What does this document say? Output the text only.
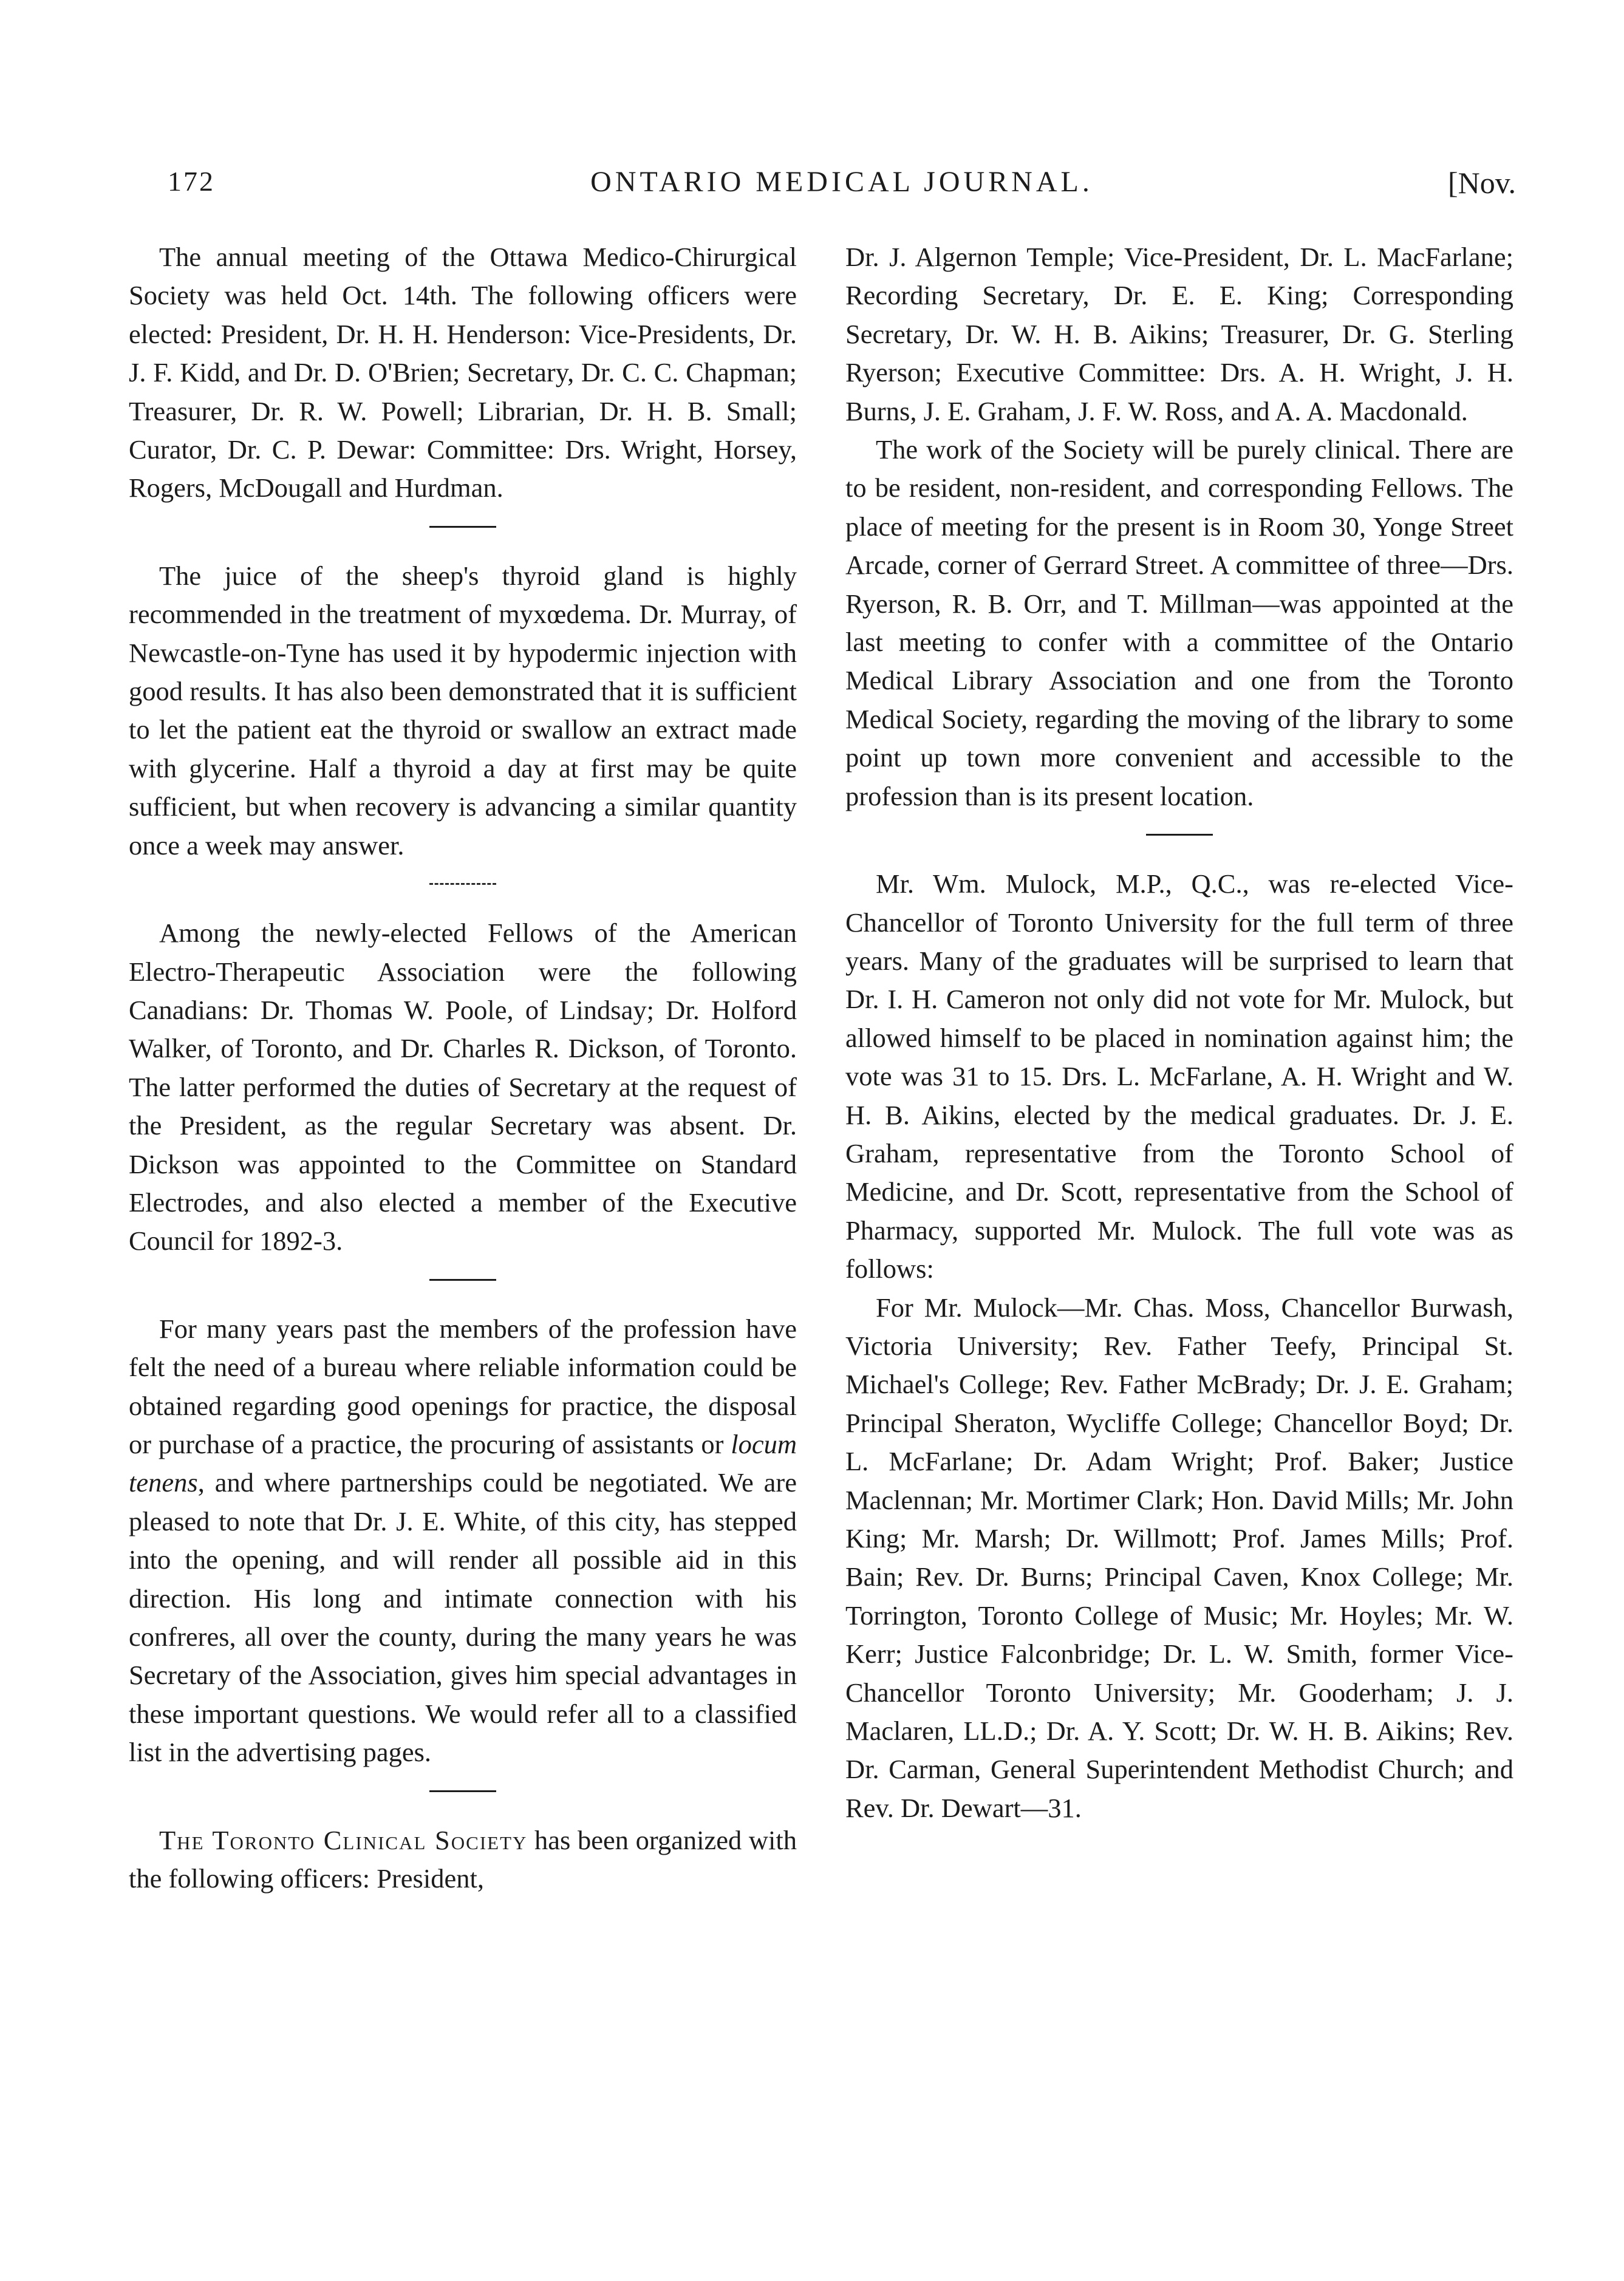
172	ONTARIO MEDICAL JOURNAL.	[Nov.

The annual meeting of the Ottawa Medico-Chirurgical Society was held Oct. 14th. The following officers were elected: President, Dr. H. H. Henderson: Vice-Presidents, Dr. J. F. Kidd, and Dr. D. O'Brien; Secretary, Dr. C. C. Chapman; Treasurer, Dr. R. W. Powell; Librarian, Dr. H. B. Small; Curator, Dr. C. P. Dewar: Committee: Drs. Wright, Horsey, Rogers, McDougall and Hurdman.

The juice of the sheep's thyroid gland is highly recommended in the treatment of myxœdema. Dr. Murray, of Newcastle-on-Tyne has used it by hypodermic injection with good results. It has also been demonstrated that it is sufficient to let the patient eat the thyroid or swallow an extract made with glycerine. Half a thyroid a day at first may be quite sufficient, but when recovery is advancing a similar quantity once a week may answer.

Among the newly-elected Fellows of the American Electro-Therapeutic Association were the following Canadians: Dr. Thomas W. Poole, of Lindsay; Dr. Holford Walker, of Toronto, and Dr. Charles R. Dickson, of Toronto. The latter performed the duties of Secretary at the request of the President, as the regular Secretary was absent. Dr. Dickson was appointed to the Committee on Standard Electrodes, and also elected a member of the Executive Council for 1892-3.

For many years past the members of the profession have felt the need of a bureau where reliable information could be obtained regarding good openings for practice, the disposal or purchase of a practice, the procuring of assistants or locum tenens, and where partnerships could be negotiated. We are pleased to note that Dr. J. E. White, of this city, has stepped into the opening, and will render all possible aid in this direction. His long and intimate connection with his confreres, all over the county, during the many years he was Secretary of the Association, gives him special advantages in these important questions. We would refer all to a classified list in the advertising pages.

The Toronto Clinical Society has been organized with the following officers: President,

Dr. J. Algernon Temple; Vice-President, Dr. L. MacFarlane; Recording Secretary, Dr. E. E. King; Corresponding Secretary, Dr. W. H. B. Aikins; Treasurer, Dr. G. Sterling Ryerson; Executive Committee: Drs. A. H. Wright, J. H. Burns, J. E. Graham, J. F. W. Ross, and A. A. Macdonald.

The work of the Society will be purely clinical. There are to be resident, non-resident, and corresponding Fellows. The place of meeting for the present is in Room 30, Yonge Street Arcade, corner of Gerrard Street. A committee of three—Drs. Ryerson, R. B. Orr, and T. Millman—was appointed at the last meeting to confer with a committee of the Ontario Medical Library Association and one from the Toronto Medical Society, regarding the moving of the library to some point up town more convenient and accessible to the profession than is its present location.

Mr. Wm. Mulock, M.P., Q.C., was re-elected Vice-Chancellor of Toronto University for the full term of three years. Many of the graduates will be surprised to learn that Dr. I. H. Cameron not only did not vote for Mr. Mulock, but allowed himself to be placed in nomination against him; the vote was 31 to 15. Drs. L. McFarlane, A. H. Wright and W. H. B. Aikins, elected by the medical graduates. Dr. J. E. Graham, representative from the Toronto School of Medicine, and Dr. Scott, representative from the School of Pharmacy, supported Mr. Mulock. The full vote was as follows:

For Mr. Mulock—Mr. Chas. Moss, Chancellor Burwash, Victoria University; Rev. Father Teefy, Principal St. Michael's College; Rev. Father McBrady; Dr. J. E. Graham; Principal Sheraton, Wycliffe College; Chancellor Boyd; Dr. L. McFarlane; Dr. Adam Wright; Prof. Baker; Justice Maclennan; Mr. Mortimer Clark; Hon. David Mills; Mr. John King; Mr. Marsh; Dr. Willmott; Prof. James Mills; Prof. Bain; Rev. Dr. Burns; Principal Caven, Knox College; Mr. Torrington, Toronto College of Music; Mr. Hoyles; Mr. W. Kerr; Justice Falconbridge; Dr. L. W. Smith, former Vice-Chancellor Toronto University; Mr. Gooderham; J. J. Maclaren, LL.D.; Dr. A. Y. Scott; Dr. W. H. B. Aikins; Rev. Dr. Carman, General Superintendent Methodist Church; and Rev. Dr. Dewart—31.
